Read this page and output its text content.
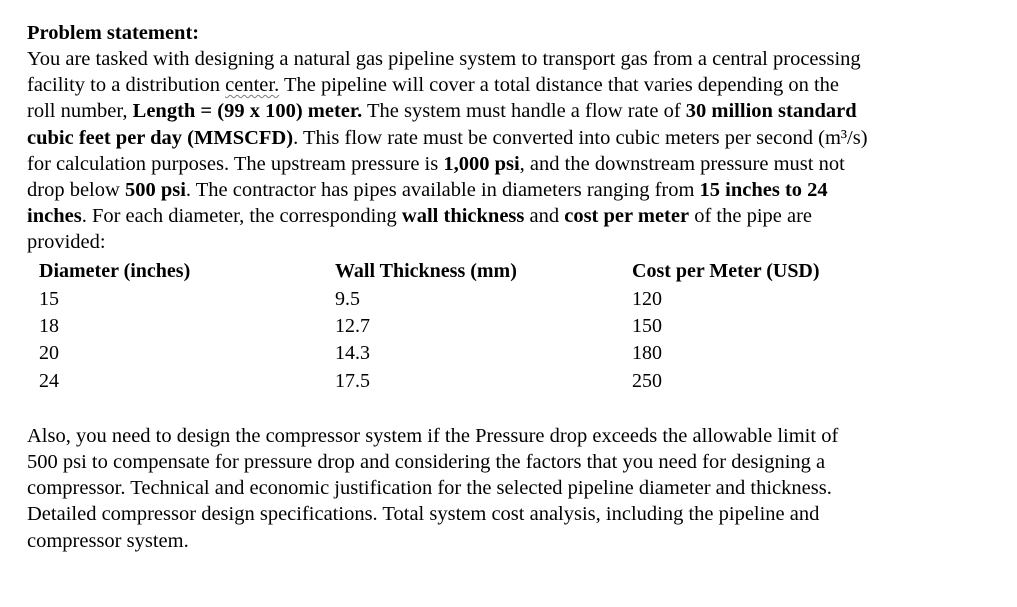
Problem statement:

You are tasked with designing a natural gas pipeline system to transport gas from a central processing

facility to a distribution center. The pipeline will cover a total distance that varies depending on the

roll number, Length = (99 x 100) meter. The system must handle a flow rate of 30 million standard

cubic feet per day (MMSCFD). This flow rate must be converted into cubic meters per second (m³/s)

for calculation purposes. The upstream pressure is 1,000 psi, and the downstream pressure must not

drop below 500 psi. The contractor has pipes available in diameters ranging from 15 inches to 24

inches. For each diameter, the corresponding wall thickness and cost per meter of the pipe are

provided:

Diameter (inches)	Wall Thickness (mm)	Cost per Meter (USD)
15	9.5	120
18	12.7	150
20	14.3	180
24	17.5	250

Also, you need to design the compressor system if the Pressure drop exceeds the allowable limit of

500 psi to compensate for pressure drop and considering the factors that you need for designing a

compressor. Technical and economic justification for the selected pipeline diameter and thickness.

Detailed compressor design specifications. Total system cost analysis, including the pipeline and

compressor system.
